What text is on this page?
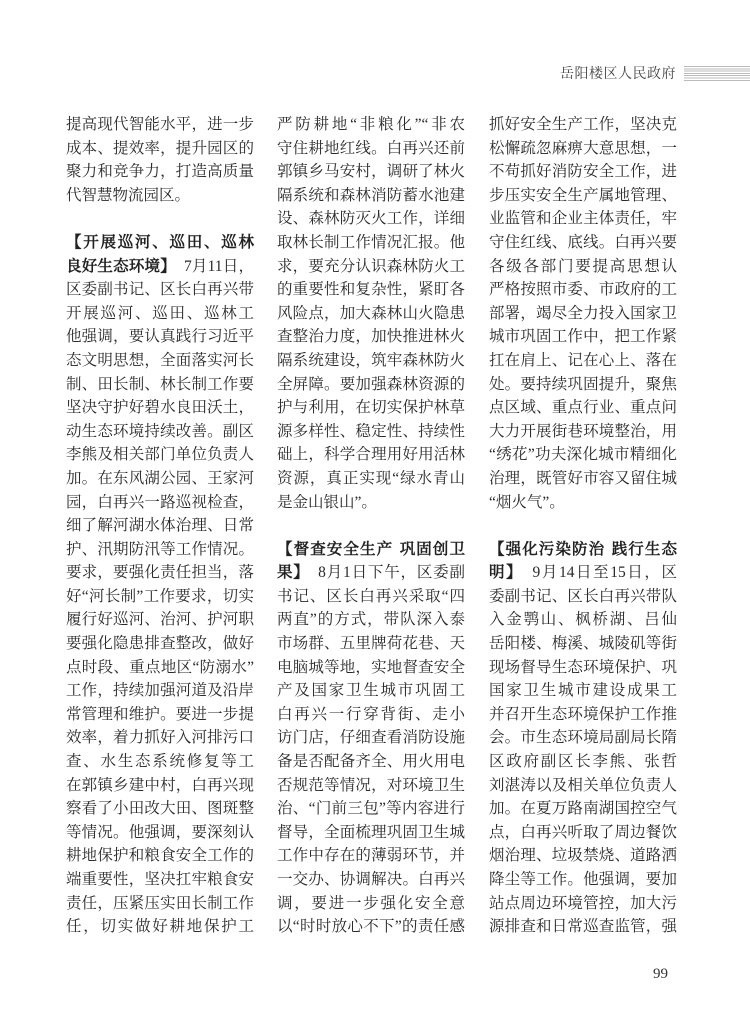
岳阳楼区人民政府
提高现代智能水平，进一步
成本、提效率，提升园区的
聚力和竞争力，打造高质量
代智慧物流园区。
【开展巡河、巡田、巡林
良好生态环境】　7月11日，
区委副书记、区长白再兴带
开展巡河、巡田、巡林工
他强调，要认真践行习近平
态文明思想，全面落实河长
制、田长制、林长制工作要
坚决守护好碧水良田沃土，
动生态环境持续改善。副区
李熊及相关部门单位负责人
加。在东风湖公园、王家河
园，白再兴一路巡视检查，
细了解河湖水体治理、日常
护、汛期防汛等工作情况。
要求，要强化责任担当，落
好“河长制”工作要求，切实
履行好巡河、治河、护河职
要强化隐患排查整改，做好
点时段、重点地区“防溺水”
工作，持续加强河道及沿岸
常管理和维护。要进一步提
效率，着力抓好入河排污口
查、水生态系统修复等工
在郭镇乡建中村，白再兴现
察看了小田改大田、图斑整
等情况。他强调，要深刻认
耕地保护和粮食安全工作的
端重要性，坚决扛牢粮食安
责任，压紧压实田长制工作
任，切实做好耕地保护工
严防耕地“非粮化”“非农
守住耕地红线。白再兴还前
郭镇乡马安村，调研了林火
隔系统和森林消防蓄水池建
设、森林防灭火工作，详细
取林长制工作情况汇报。他
求，要充分认识森林防火工
的重要性和复杂性，紧盯各
风险点，加大森林山火隐患
查整治力度，加快推进林火
隔系统建设，筑牢森林防火
全屏障。要加强森林资源的
护与利用，在切实保护林草
源多样性、稳定性、持续性
础上，科学合理用好用活林
资源，真正实现“绿水青山
是金山银山”。
【督查安全生产 巩固创卫
果】　8月1日下午，区委副
书记、区长白再兴采取“四
两直”的方式，带队深入泰
市场群、五里牌荷花巷、天
电脑城等地，实地督查安全
产及国家卫生城市巩固工
白再兴一行穿背街、走小
访门店，仔细查看消防设施
备是否配备齐全、用火用电
否规范等情况，对环境卫生
治、“门前三包”等内容进行
督导，全面梳理巩固卫生城
工作中存在的薄弱环节，并
一交办、协调解决。白再兴
调，要进一步强化安全意
以“时时放心不下”的责任感
抓好安全生产工作，坚决克
松懈疏忽麻痹大意思想，一
不苟抓好消防安全工作，进
步压实安全生产属地管理、
业监管和企业主体责任，牢
守住红线、底线。白再兴要
各级各部门要提高思想认
严格按照市委、市政府的工
部署，竭尽全力投入国家卫
城市巩固工作中，把工作紧
扛在肩上、记在心上、落在
处。要持续巩固提升，聚焦
点区域、重点行业、重点问
大力开展街巷环境整治，用
“绣花”功夫深化城市精细化
治理，既管好市容又留住城
“烟火气”。
【强化污染防治 践行生态
明】　9月14日至15日，区
委副书记、区长白再兴带队
入金鹗山、枫桥湖、吕仙
岳阳楼、梅溪、城陵矶等街
现场督导生态环境保护、巩
国家卫生城市建设成果工
并召开生态环境保护工作推
会。市生态环境局副局长隋
区政府副区长李熊、张哲
刘湛涛以及相关单位负责人
加。在夏万路南湖国控空气
点，白再兴听取了周边餐饮
烟治理、垃圾禁烧、道路洒
降尘等工作。他强调，要加
站点周边环境管控，加大污
源排查和日常巡查监管，强
99
